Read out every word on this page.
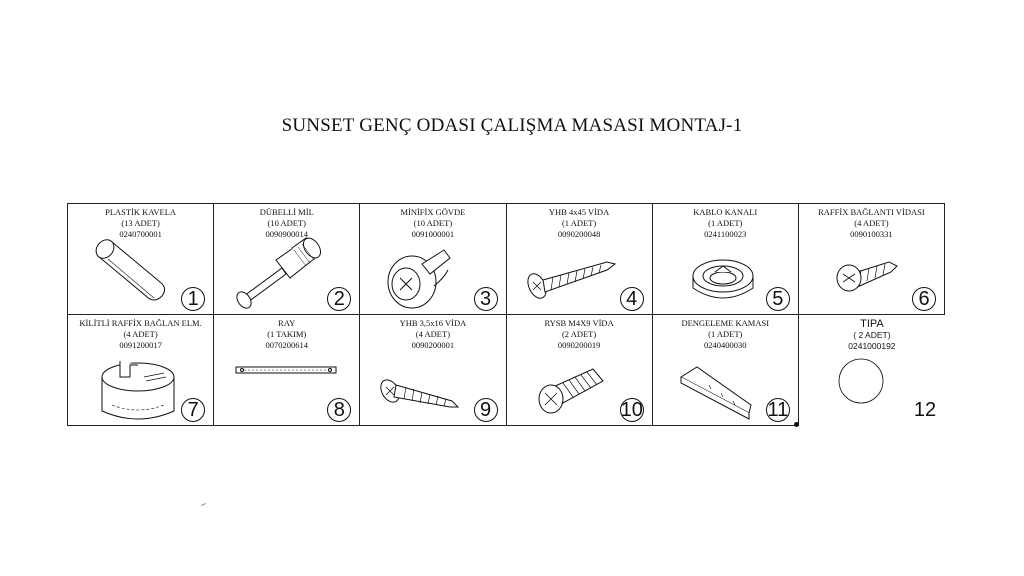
SUNSET GENÇ ODASI ÇALIŞMA MASASI MONTAJ-1
PLASTİK KAVELA
(13 ADET)
0240700001
1
DÜBELLİ MİL
(10 ADET)
0090900014
2
MİNİFİX GÖVDE
(10 ADET)
0091000001
3
YHB 4x45 VİDA
(1 ADET)
0090200048
4
KABLO KANALI
(1 ADET)
0241100023
5
RAFFİX BAĞLANTI VİDASI
(4 ADET)
0090100331
6
KİLİTLİ RAFFİX BAĞLAN ELM.
(4 ADET)
0091200017
7
RAY
(1 TAKIM)
0070200614
8
YHB 3,5x16 VİDA
(4 ADET)
0090200001
9
RYSB M4X9 VİDA
(2 ADET)
0090200019
10
DENGELEME KAMASI
(1 ADET)
0240400030
11
TIPA
( 2 ADET)
0241000192
12
